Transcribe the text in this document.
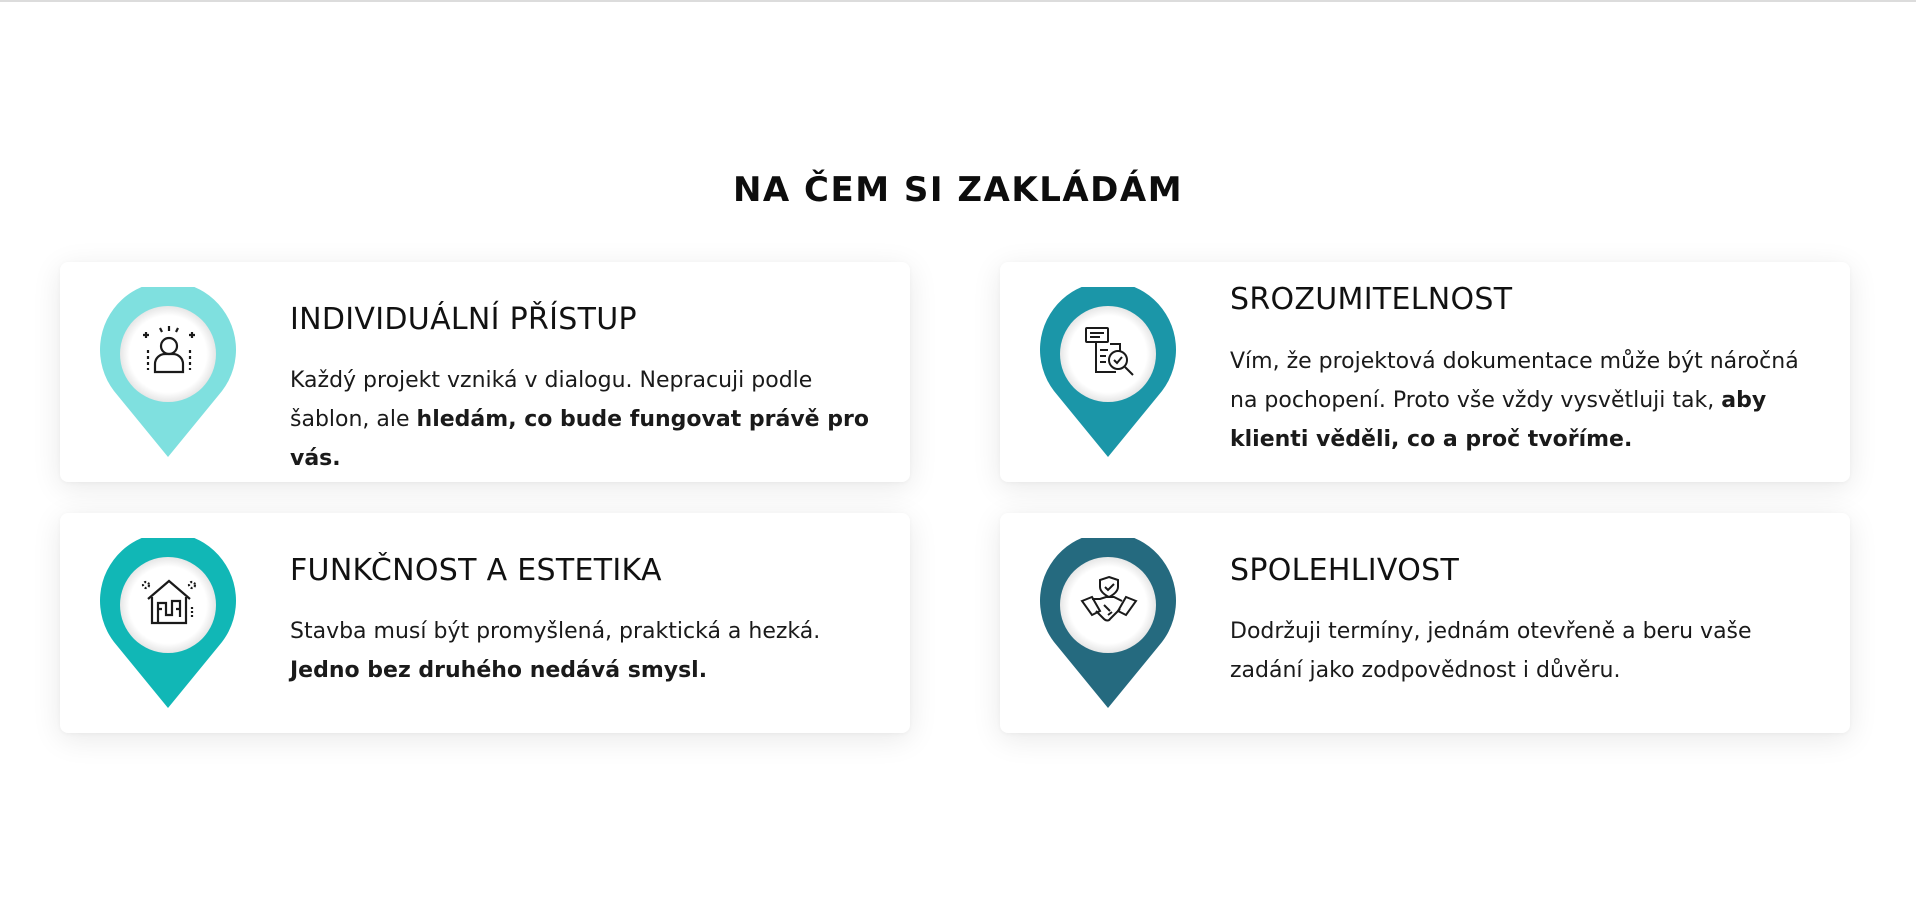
NA ČEM SI ZAKLÁDÁM
INDIVIDUÁLNÍ PŘÍSTUP
Každý projekt vzniká v dialogu. Nepracuji podle šablon, ale hledám, co bude fungovat právě pro vás.
SROZUMITELNOST
Vím, že projektová dokumentace může být náročná na pochopení. Proto vše vždy vysvětluji tak, aby klienti věděli, co a proč tvoříme.
FUNKČNOST A ESTETIKA
Stavba musí být promyšlená, praktická a hezká. Jedno bez druhého nedává smysl.
SPOLEHLIVOST
Dodržuji termíny, jednám otevřeně a beru vaše zadání jako zodpovědnost i důvěru.
